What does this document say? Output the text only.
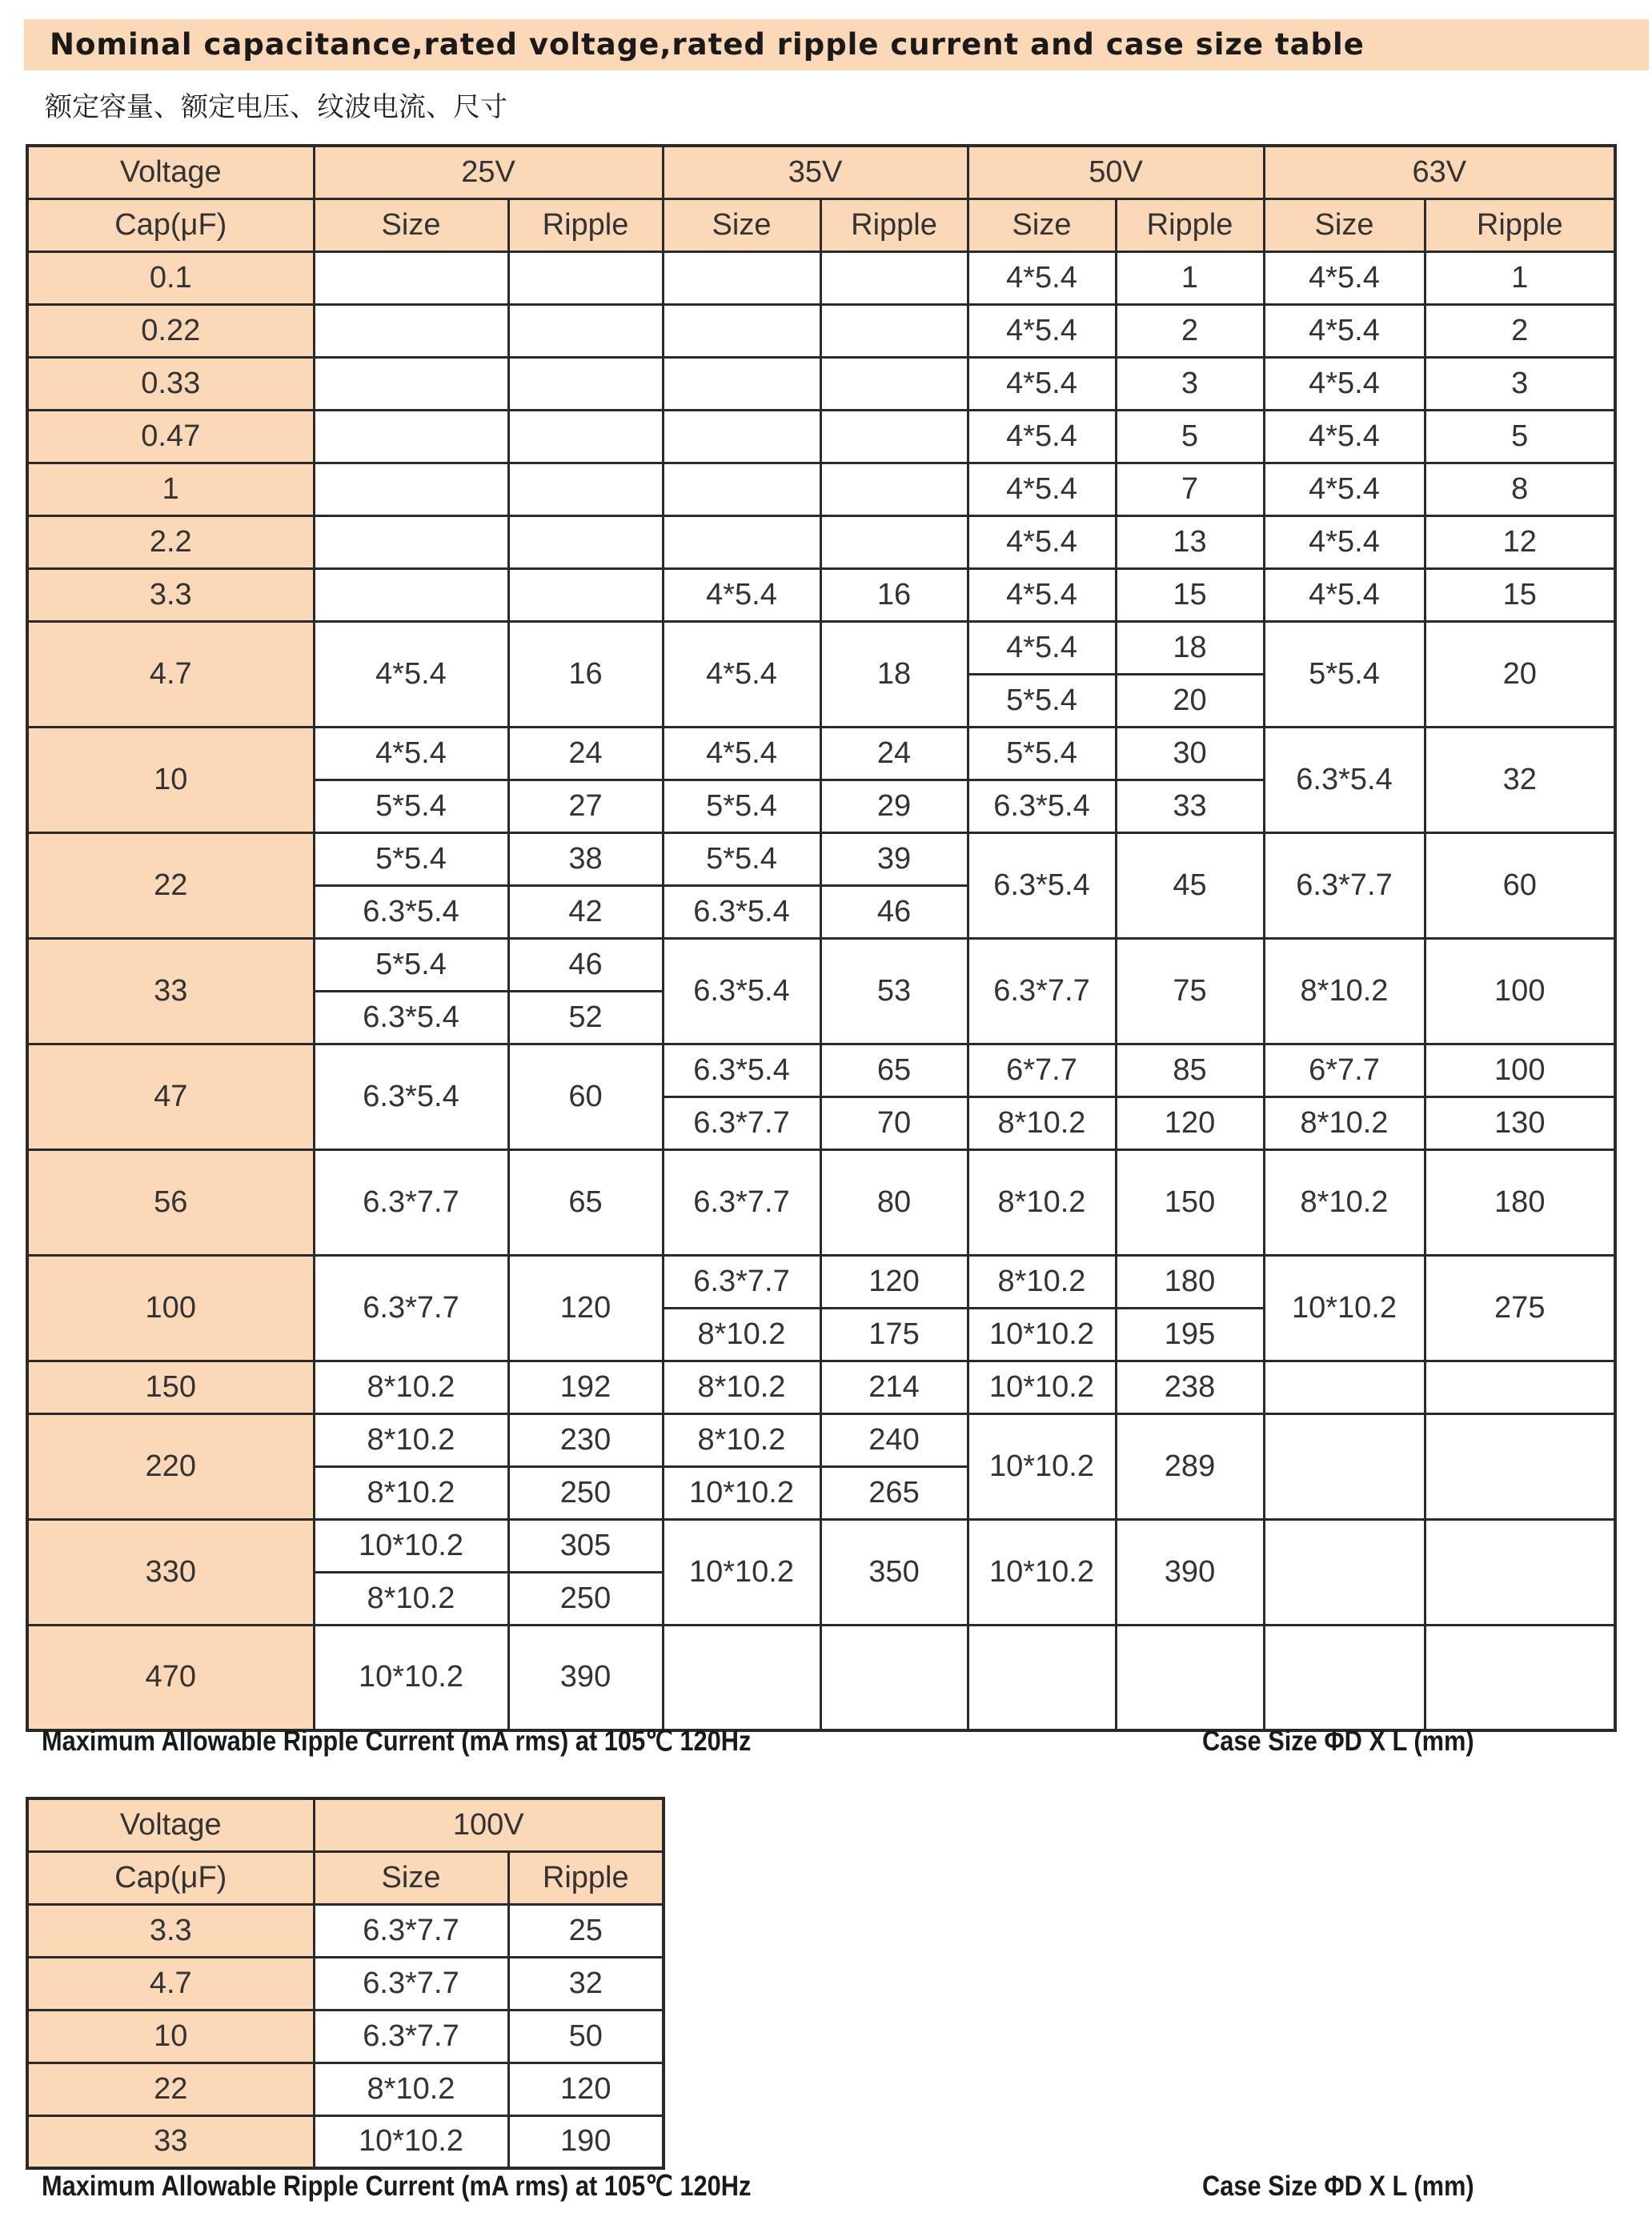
Nominal capacitance,rated voltage,rated ripple current and case size table
额定容量、额定电压、纹波电流、尺寸
Voltage	25V		35V		50V		63V	
Cap(μF)	Size	Ripple	Size	Ripple	Size	Ripple	Size	Ripple
0.1					4*5.4	1	4*5.4	1
0.22					4*5.4	2	4*5.4	2
0.33					4*5.4	3	4*5.4	3
0.47					4*5.4	5	4*5.4	5
1					4*5.4	7	4*5.4	8
2.2					4*5.4	13	4*5.4	12
3.3			4*5.4	16	4*5.4	15	4*5.4	15
4.7	4*5.4	16	4*5.4	18	4*5.4	18	5*5.4	20
					5*5.4	20		
10	4*5.4	24	4*5.4	24	5*5.4	30	6.3*5.4	32
	5*5.4	27	5*5.4	29	6.3*5.4	33		
22	5*5.4	38	5*5.4	39	6.3*5.4	45	6.3*7.7	60
	6.3*5.4	42	6.3*5.4	46				
33	5*5.4	46	6.3*5.4	53	6.3*7.7	75	8*10.2	100
	6.3*5.4	52						
47	6.3*5.4	60	6.3*5.4	65	6*7.7	85	6*7.7	100
			6.3*7.7	70	8*10.2	120	8*10.2	130
56	6.3*7.7	65	6.3*7.7	80	8*10.2	150	8*10.2	180
100	6.3*7.7	120	6.3*7.7	120	8*10.2	180	10*10.2	275
			8*10.2	175	10*10.2	195		
150	8*10.2	192	8*10.2	214	10*10.2	238		
220	8*10.2	230	8*10.2	240	10*10.2	289		
	8*10.2	250	10*10.2	265				
330	10*10.2	305	10*10.2	350	10*10.2	390		
	8*10.2	250						
470	10*10.2	390						
Maximum Allowable Ripple Current (mA rms) at 105℃ 120Hz	Case Size ΦD X L (mm)
Voltage	100V	
Cap(μF)	Size	Ripple
3.3	6.3*7.7	25
4.7	6.3*7.7	32
10	6.3*7.7	50
22	8*10.2	120
33	10*10.2	190
Maximum Allowable Ripple Current (mA rms) at 105℃ 120Hz	Case Size ΦD X L (mm)
